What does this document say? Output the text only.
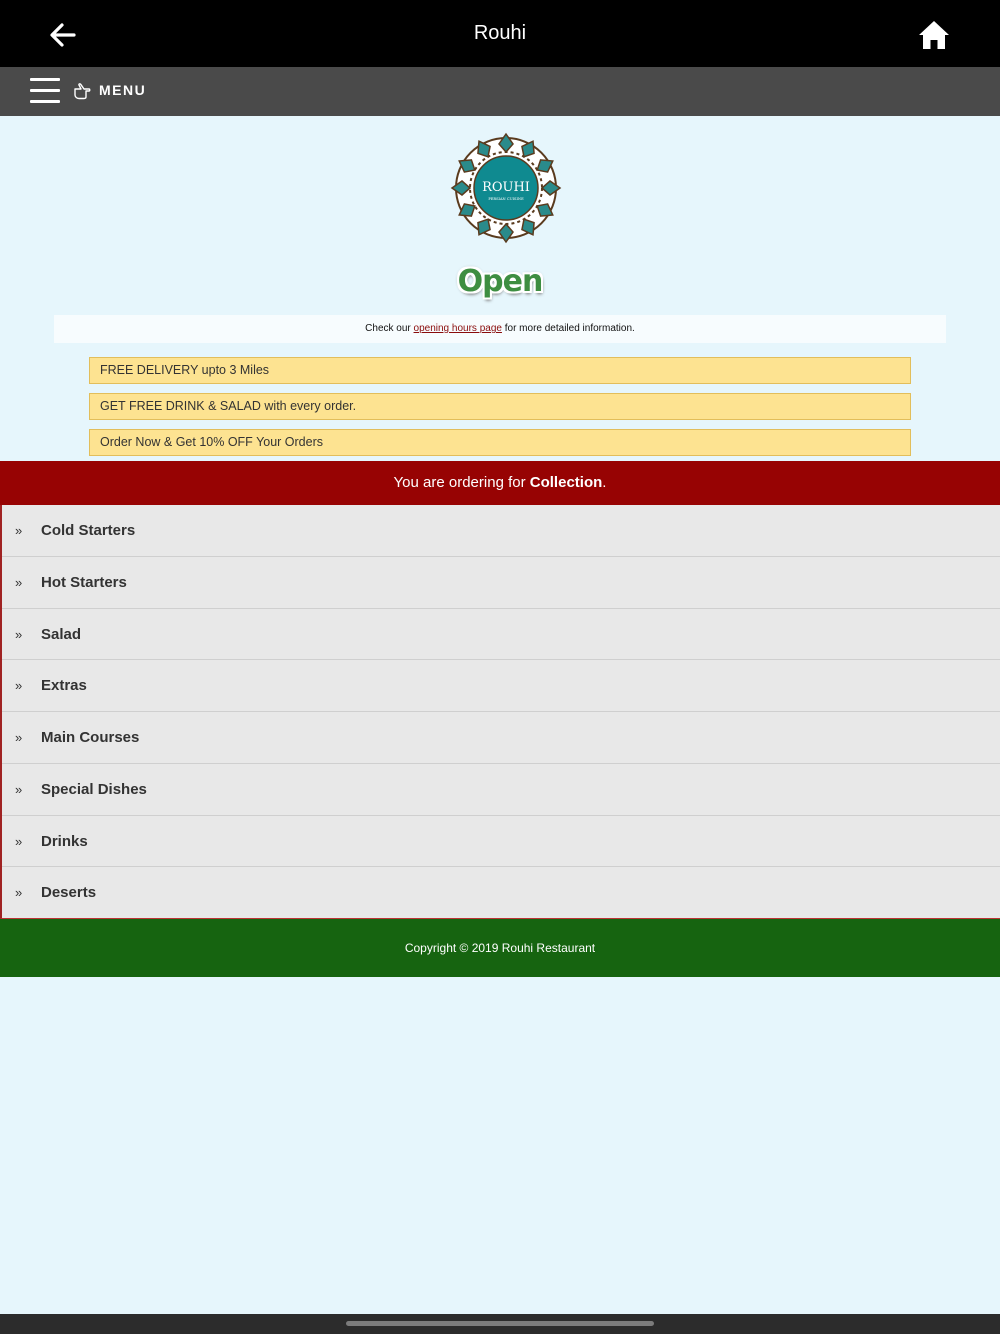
Rouhi
MENU
ROUHI
PERSIAN CUISINE
Open
Check our opening hours page for more detailed information.
FREE DELIVERY upto 3 Miles
GET FREE DRINK & SALAD with every order.
Order Now & Get 10% OFF Your Orders
You are ordering for Collection.
» Cold Starters
» Hot Starters
» Salad
» Extras
» Main Courses
» Special Dishes
» Drinks
» Deserts
Copyright © 2019 Rouhi Restaurant
